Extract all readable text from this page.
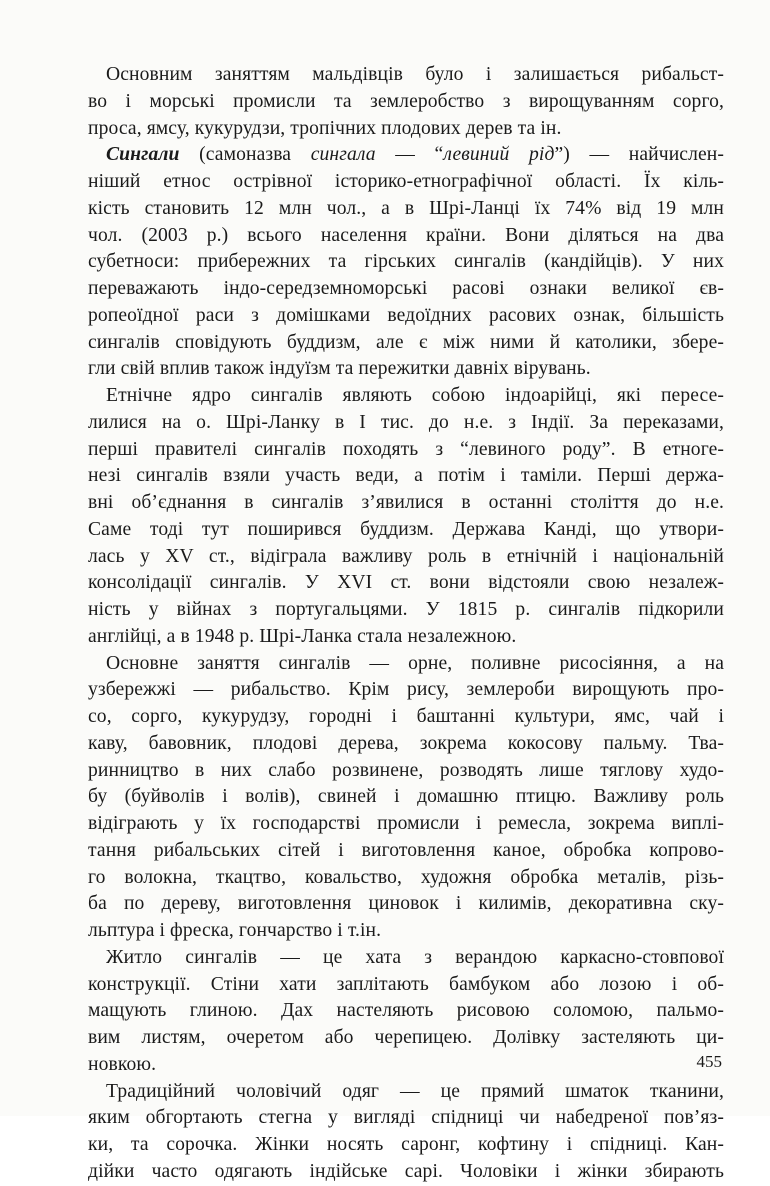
Основним заняттям мальдівців було і залишається рибальст-
во і морські промисли та землеробство з вирощуванням сорго,
проса, ямсу, кукурудзи, тропічних плодових дерев та ін.
Сингали (самоназва сингала — “левиний рід”) — найчислен-
ніший етнос острівної історико-етнографічної області. Їх кіль-
кість становить 12 млн чол., а в Шрі-Ланці їх 74% від 19 млн
чол. (2003 р.) всього населення країни. Вони діляться на два
субетноси: прибережних та гірських сингалів (кандійців). У них
переважають індо-середземноморські расові ознаки великої єв-
ропеоїдної раси з домішками ведоїдних расових ознак, більшість
сингалів сповідують буддизм, але є між ними й католики, збере-
гли свій вплив також індуїзм та пережитки давніх вірувань.
Етнічне ядро сингалів являють собою індоарійці, які пересе-
лилися на о. Шрі-Ланку в І тис. до н.е. з Індії. За переказами,
перші правителі сингалів походять з “левиного роду”. В етноге-
незі сингалів взяли участь веди, а потім і таміли. Перші держа-
вні об’єднання в сингалів з’явилися в останні століття до н.е.
Саме тоді тут поширився буддизм. Держава Канді, що утвори-
лась у XV ст., відіграла важливу роль в етнічній і національній
консолідації сингалів. У XVI ст. вони відстояли свою незалеж-
ність у війнах з португальцями. У 1815 р. сингалів підкорили
англійці, а в 1948 р. Шрі-Ланка стала незалежною.
Основне заняття сингалів — орне, поливне рисосіяння, а на
узбережжі — рибальство. Крім рису, землероби вирощують про-
со, сорго, кукурудзу, городні і баштанні культури, ямс, чай і
каву, бавовник, плодові дерева, зокрема кокосову пальму. Тва-
ринництво в них слабо розвинене, розводять лише тяглову худо-
бу (буйволів і волів), свиней і домашню птицю. Важливу роль
відіграють у їх господарстві промисли і ремесла, зокрема виплі-
тання рибальських сітей і виготовлення каное, обробка копрово-
го волокна, ткацтво, ковальство, художня обробка металів, різь-
ба по дереву, виготовлення циновок і килимів, декоративна ску-
льптура і фреска, гончарство і т.ін.
Житло сингалів — це хата з верандою каркасно-стовпової
конструкції. Стіни хати заплітають бамбуком або лозою і об-
мащують глиною. Дах настеляють рисовою соломою, пальмо-
вим листям, очеретом або черепицею. Долівку застеляють ци-
новкою.
Традиційний чоловічий одяг — це прямий шматок тканини,
яким обгортають стегна у вигляді спідниці чи набедреної пов’яз-
ки, та сорочка. Жінки носять саронг, кофтину і спідниці. Кан-
дійки часто одягають індійське сарі. Чоловіки і жінки збирають
455
